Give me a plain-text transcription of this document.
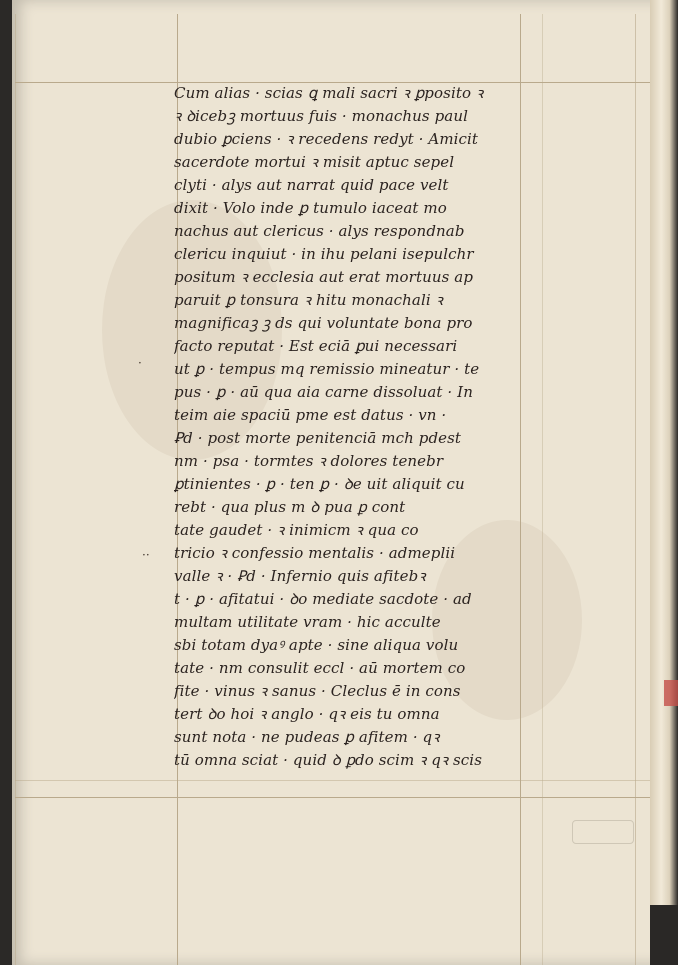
·
··
Cum alias · scias ꝗ mali sacri ꝛ ꝑposito ꝛ
ꝛ ꝺicebꝫ mortuus fuis · monachus paul
dubio ꝑciens · ꝛ recedens redyt · Amicit
sacerdote mortui ꝛ misit aptuc sepel
clyti · alys aut narrat quid pace velt
dixit · Volo inde ꝑ tumulo iaceat mo
nachus aut clericus · alys respondnab
clericu inquiut · in ihu pelani isepulchr
positum ꝛ ecclesia aut erat mortuus ap
paruit ꝑ tonsura ꝛ hitu monachali ꝛ
magnificaꝫ ꝫ ds qui voluntate bona pro
facto reputat · Est eciā ꝑui necessari
ut ꝑ · tempus mq remissio mineatur · te
pus · ꝑ · aū qua aia carne dissoluat · In
teim aie spaciū pme est datus · vn ·
Ꝑd · post morte penitenciā mch pdest
nm · psa · tormtes ꝛ dolores tenebr
ꝑtinientes · ꝑ · ten ꝑ · ꝺe uit aliquit cu
rebt · qua plus m ꝺ pua ꝑ cont
tate gaudet · ꝛ inimicm ꝛ qua co
tricio ꝛ confessio mentalis · admeplii
valle ꝛ · Ꝑd · Infernio quis afitebꝛ
t · ꝑ · afitatui · ꝺo mediate sacdote · ad
multam utilitate vram · hic acculte
sbi totam dyaꝰ apte · sine aliqua volu
tate · nm consulit eccl · aū mortem co
fite · vinus ꝛ sanus · Cleclus ē in cons
tert ꝺo hoi ꝛ anglo · qꝛ eis tu omna
sunt nota · ne pudeas ꝑ afitem · qꝛ
tū omna sciat · quid ꝺ ꝑdo scim ꝛ qꝛ scis
